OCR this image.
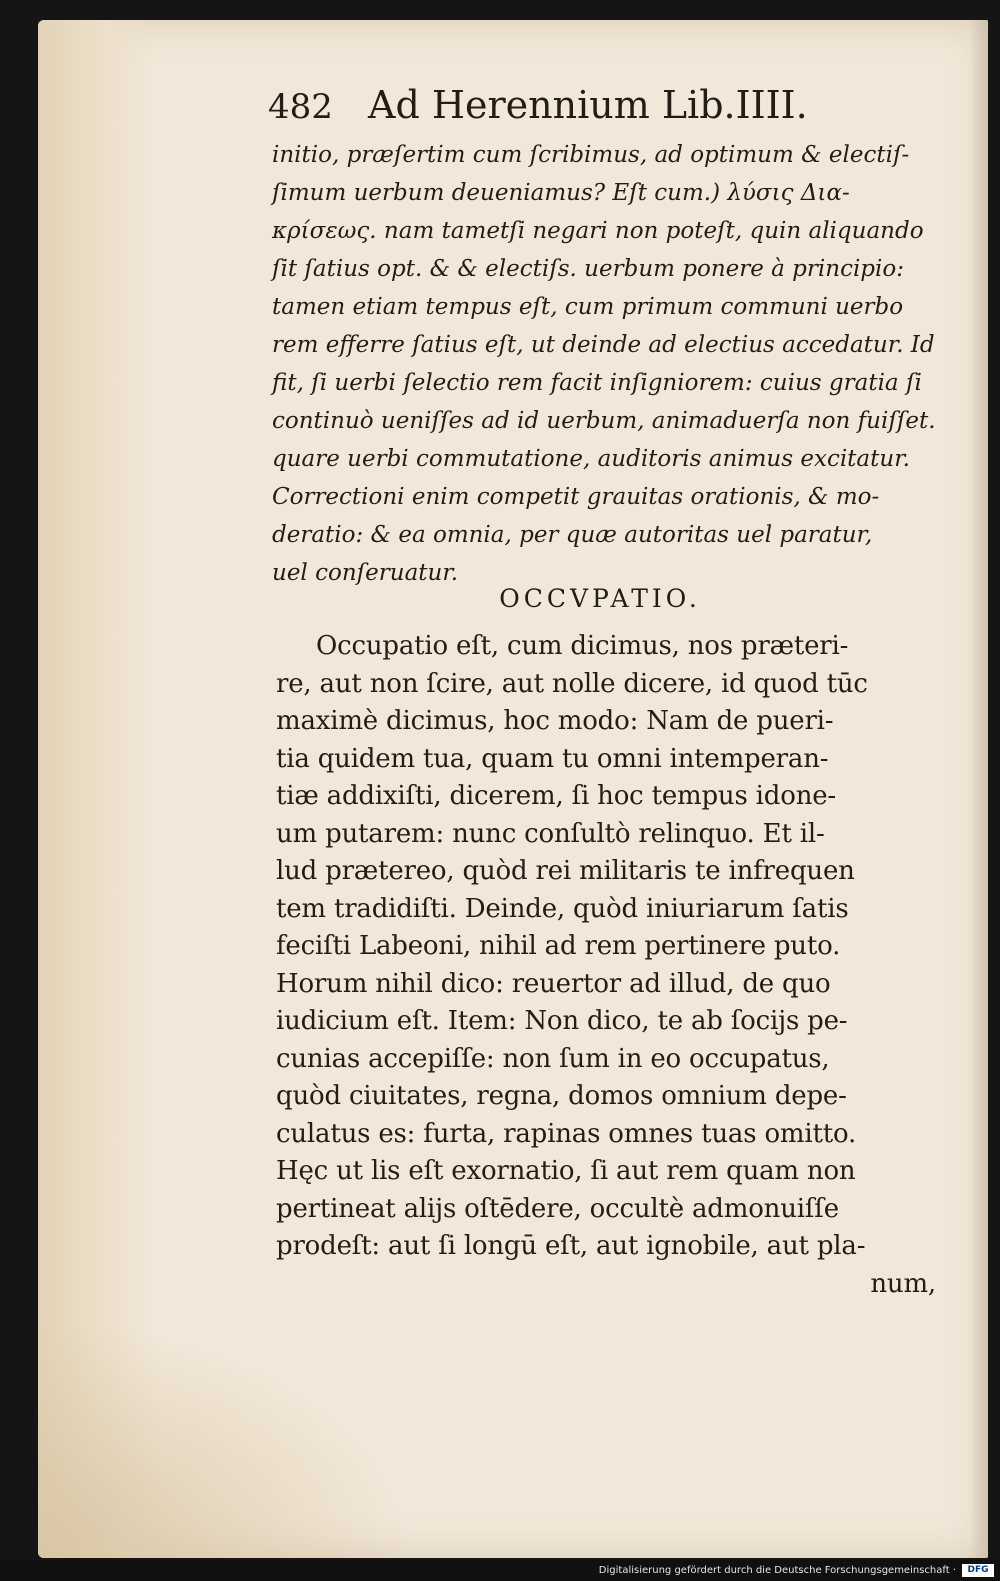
482 Ad Herennium Lib.IIII.
initio, præſertim cum ſcribimus, ad optimum & electiſ-
ſimum uerbum deueniamus? Eſt cum.) λύσις Δια-
κρίσεως. nam tametſi negari non poteſt, quin aliquando
ſit ſatius opt. & & electiſs. uerbum ponere à principio:
tamen etiam tempus eſt, cum primum communi uerbo
rem efferre ſatius eſt, ut deinde ad electius accedatur. Id
fit, ſi uerbi ſelectio rem facit inſigniorem: cuius gratia ſi
continuò ueniſſes ad id uerbum, animaduerſa non fuiſſet.
quare uerbi commutatione, auditoris animus excitatur.
Correctioni enim competit grauitas orationis, & mo-
deratio: & ea omnia, per quæ autoritas uel paratur,
uel conſeruatur.
OCCVPATIO.
Occupatio eſt, cum dicimus, nos præteri-
re, aut non ſcire, aut nolle dicere, id quod tūc
maximè dicimus, hoc modo: Nam de pueri-
tia quidem tua, quam tu omni intemperan-
tiæ addixiſti, dicerem, ſi hoc tempus idone-
um putarem: nunc conſultò relinquo. Et il-
lud prætereo, quòd rei militaris te infrequen
tem tradidiſti. Deinde, quòd iniuriarum ſatis
feciſti Labeoni, nihil ad rem pertinere puto.
Horum nihil dico: reuertor ad illud, de quo
iudicium eſt. Item: Non dico, te ab ſocijs pe-
cunias accepiſſe: non ſum in eo occupatus,
quòd ciuitates, regna, domos omnium depe-
culatus es: furta, rapinas omnes tuas omitto.
Hęc ut lis eſt exornatio, ſi aut rem quam non
pertineat alijs oſtēdere, occultè admonuiſſe
prodeſt: aut ſi longū eſt, aut ignobile, aut pla-
num,
Digitalisierung gefördert durch die Deutsche Forschungsgemeinschaft ·	DFG
